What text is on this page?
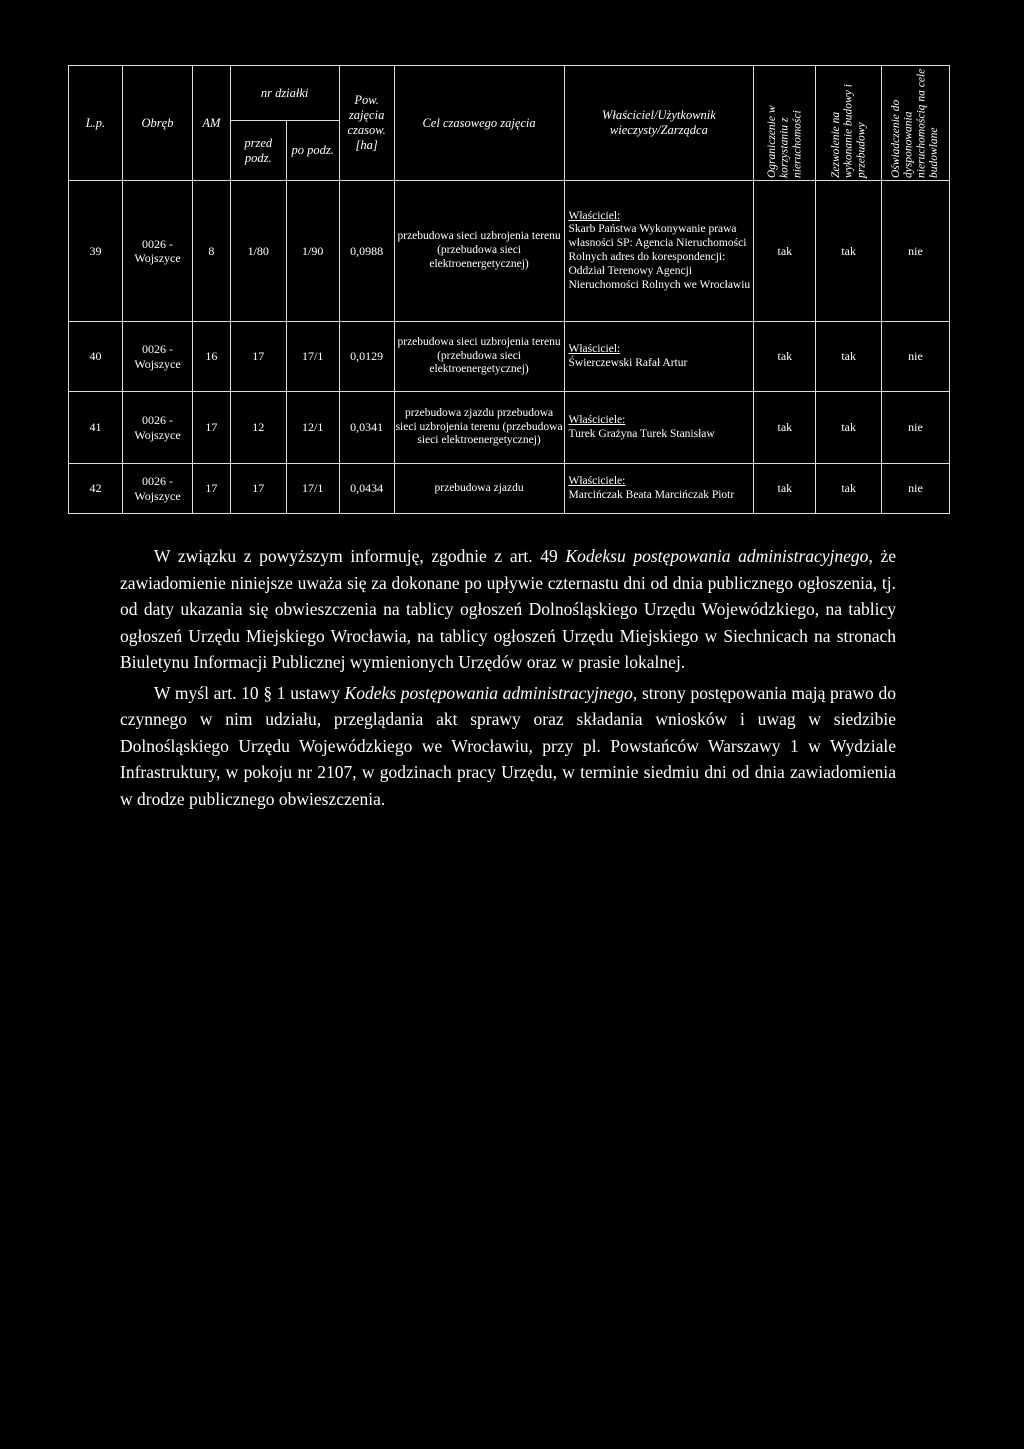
L.p.	Obręb	AM	nr działki		Pow. zajęcia czasow. [ha]	Cel czasowego zajęcia	Właściciel/Użytkownik wieczysty/Zarządca	Ograniczenie w korzystaniu z nieruchomości	Zezwolenie na wykonanie budowy i przebudowy	Oświadczenie do dysponowania nieruchomością na cele budowlane

			przed podz.	po podz.						
39	0026 - Wojszyce	8	1/80	1/90	0,0988	przebudowa sieci uzbrojenia terenu (przebudowa sieci elektroenergetycznej)	Właściciel:
Skarb Państwa Wykonywanie prawa własności SP: Agencia Nieruchomości Rolnych adres do korespondencji: Oddział Terenowy Agencji Nieruchomości Rolnych we Wrocławiu	tak	tak	nie
40	0026 - Wojszyce	16	17	17/1	0,0129	przebudowa sieci uzbrojenia terenu (przebudowa sieci elektroenergetycznej)	Właściciel:
Świerczewski Rafał Artur	tak	tak	nie
41	0026 - Wojszyce	17	12	12/1	0,0341	przebudowa zjazdu przebudowa sieci uzbrojenia terenu (przebudowa sieci elektroenergetycznej)	Właściciele:
Turek Grażyna Turek Stanisław	tak	tak	nie
42	0026 - Wojszyce	17	17	17/1	0,0434	przebudowa zjazdu	Właściciele:
Marcińczak Beata Marcińczak Piotr	tak	tak	nie

W związku z powyższym informuję, zgodnie z art. 49 Kodeksu postępowania administracyjnego, że zawiadomienie niniejsze uważa się za dokonane po upływie czternastu dni od dnia publicznego ogłoszenia, tj. od daty ukazania się obwieszczenia na tablicy ogłoszeń Dolnośląskiego Urzędu Wojewódzkiego, na tablicy ogłoszeń Urzędu Miejskiego Wrocławia, na tablicy ogłoszeń Urzędu Miejskiego w Siechnicach na stronach Biuletynu Informacji Publicznej wymienionych Urzędów oraz w prasie lokalnej.

W myśl art. 10 § 1 ustawy Kodeks postępowania administracyjnego, strony postępowania mają prawo do czynnego w nim udziału, przeglądania akt sprawy oraz składania wniosków i uwag w siedzibie Dolnośląskiego Urzędu Wojewódzkiego we Wrocławiu, przy pl. Powstańców Warszawy 1 w Wydziale Infrastruktury, w pokoju nr 2107, w godzinach pracy Urzędu, w terminie siedmiu dni od dnia zawiadomienia w drodze publicznego obwieszczenia.
